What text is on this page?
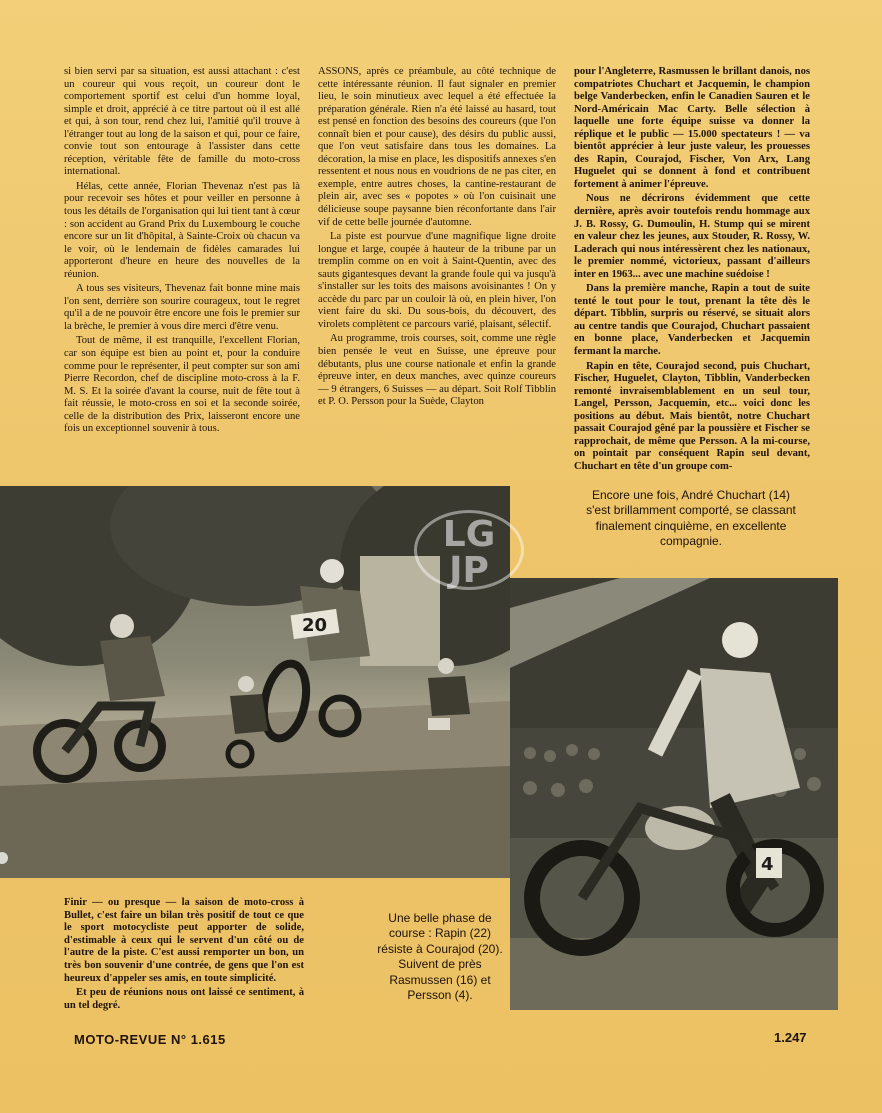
si bien servi par sa situation, est aussi attachant : c'est un coureur qui vous reçoit, un coureur dont le comportement sportif est celui d'un homme loyal, simple et droit, apprécié à ce titre partout où il est allé et qui, à son tour, rend chez lui, l'amitié qu'il trouve à l'étranger tout au long de la saison et qui, pour ce faire, convie tout son entourage à l'assister dans cette réception, véritable fête de famille du moto-cross international.

Hélas, cette année, Florian Thevenaz n'est pas là pour recevoir ses hôtes et pour veiller en personne à tous les détails de l'organisation qui lui tient tant à cœur : son accident au Grand Prix du Luxembourg le couche encore sur un lit d'hôpital, à Sainte-Croix où chacun va le voir, où le lendemain de fidèles camarades lui apporteront d'heure en heure des nouvelles de la réunion.

A tous ses visiteurs, Thevenaz fait bonne mine mais l'on sent, derrière son sourire courageux, tout le regret qu'il a de ne pouvoir être encore une fois le premier sur la brèche, le premier à vous dire merci d'être venu.

Tout de même, il est tranquille, l'excellent Florian, car son équipe est bien au point et, pour la conduire comme pour le représenter, il peut compter sur son ami Pierre Recordon, chef de discipline moto-cross à la F. M. S. Et la soirée d'avant la course, nuit de fête tout à fait réussie, le moto-cross en soi et la seconde soirée, celle de la distribution des Prix, laisseront encore une fois un exceptionnel souvenir à tous.

ASSONS, après ce préambule, au côté technique de cette intéressante réunion. Il faut signaler en premier lieu, le soin minutieux avec lequel a été effectuée la préparation générale. Rien n'a été laissé au hasard, tout est pensé en fonction des besoins des coureurs (que l'on connaît bien et pour cause), des désirs du public aussi, que l'on veut satisfaire dans tous les domaines. La décoration, la mise en place, les dispositifs annexes s'en ressentent et nous nous en voudrions de ne pas citer, en exemple, entre autres choses, la cantine-restaurant de plein air, avec ses « popotes » où l'on cuisinait une délicieuse soupe paysanne bien réconfortante dans l'air vif de cette belle journée d'automne.

La piste est pourvue d'une magnifique ligne droite longue et large, coupée à hauteur de la tribune par un tremplin comme on en voit à Saint-Quentin, avec des sauts gigantesques devant la grande foule qui va jusqu'à s'installer sur les toits des maisons avoisinantes ! On y accède du parc par un couloir là où, en plein hiver, l'on vient faire du ski. Du sous-bois, du découvert, des virolets complètent ce parcours varié, plaisant, sélectif.

Au programme, trois courses, soit, comme une règle bien pensée le veut en Suisse, une épreuve pour débutants, plus une course nationale et enfin la grande épreuve inter, en deux manches, avec quinze coureurs — 9 étrangers, 6 Suisses — au départ. Soit Rolf Tibblin et P. O. Persson pour la Suède, Clayton

pour l'Angleterre, Rasmussen le brillant danois, nos compatriotes Chuchart et Jacquemin, le champion belge Vanderbecken, enfin le Canadien Sauren et le Nord-Américain Mac Carty. Belle sélection à laquelle une forte équipe suisse va donner la réplique et le public — 15.000 spectateurs ! — va bientôt apprécier à leur juste valeur, les prouesses des Rapin, Courajod, Fischer, Von Arx, Lang Huguelet qui se donnent à fond et contribuent fortement à animer l'épreuve.

Nous ne décrirons évidemment que cette dernière, après avoir toutefois rendu hommage aux J. B. Rossy, G. Dumoulin, H. Stump qui se mirent en valeur chez les jeunes, aux Stouder, R. Rossy, W. Laderach qui nous intéressèrent chez les nationaux, le premier nommé, victorieux, passant d'ailleurs inter en 1963... avec une machine suédoise !

Dans la première manche, Rapin a tout de suite tenté le tout pour le tout, prenant la tête dès le départ. Tibblin, surpris ou réservé, se situait alors au centre tandis que Courajod, Chuchart passaient en bonne place, Vanderbecken et Jacquemin fermant la marche.

Rapin en tête, Courajod second, puis Chuchart, Fischer, Huguelet, Clayton, Tibblin, Vanderbecken remonté invraisemblablement en un seul tour, Langel, Persson, Jacquemin, etc... voici donc les positions au début. Mais bientôt, notre Chuchart passait Courajod gêné par la poussière et Fischer se rapprochait, de même que Persson. A la mi-course, on pointait par conséquent Rapin seul devant, Chuchart en tête d'un groupe com-

Encore une fois, André Chuchart (14) s'est brillamment comporté, se classant finalement cinquième, en excellente compagnie.
20
LG
JP
4

Finir — ou presque — la saison de moto-cross à Bullet, c'est faire un bilan très positif de tout ce que le sport motocycliste peut apporter de solide, d'estimable à ceux qui le servent d'un côté ou de l'autre de la piste. C'est aussi remporter un bon, un très bon souvenir d'une contrée, de gens que l'on est heureux d'appeler ses amis, en toute simplicité.

Et peu de réunions nous ont laissé ce sentiment, à un tel degré.

Une belle phase de course : Rapin (22) résiste à Courajod (20). Suivent de près Rasmussen (16) et Persson (4).
MOTO-REVUE N° 1.615	1.247
